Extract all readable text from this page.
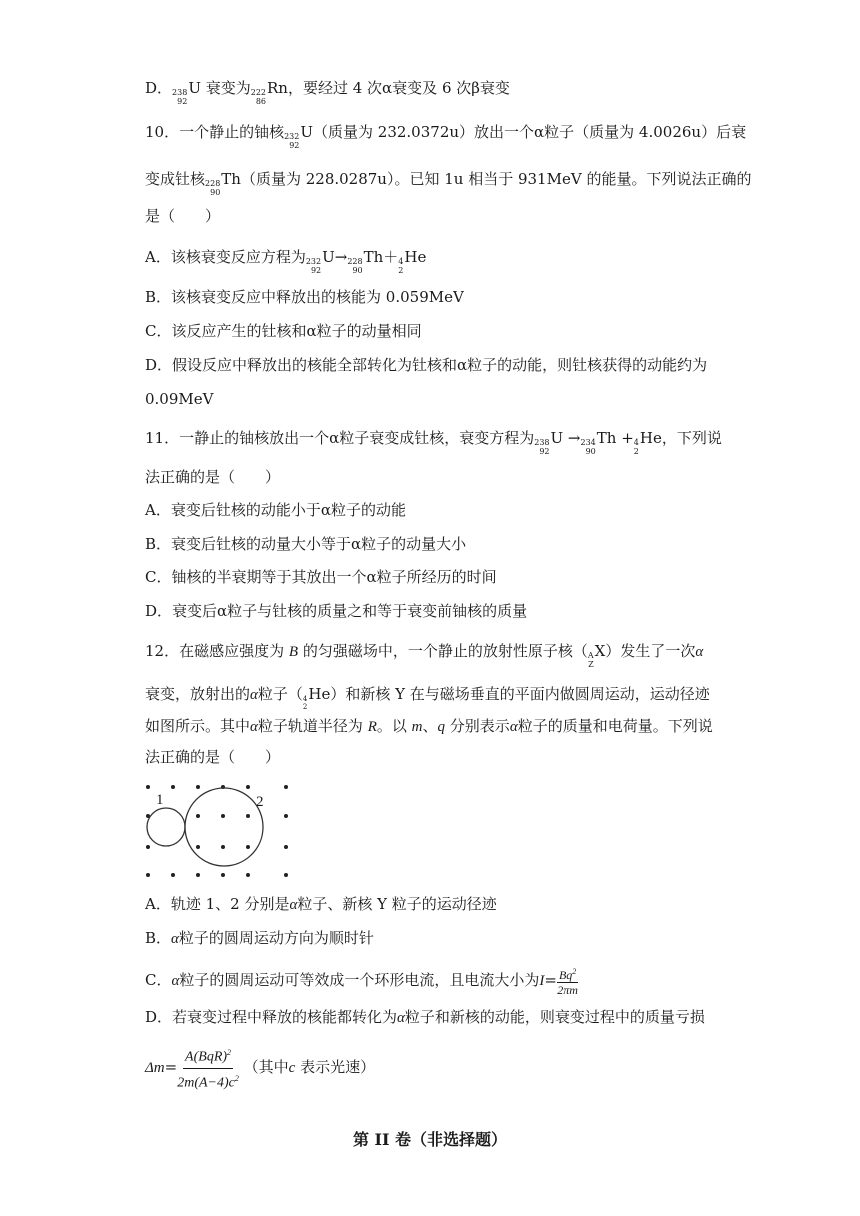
D． 238
92
U 衰变为 222
86
Rn，要经过 4 次α衰变及 6 次β衰变
10．一个静止的铀核 232
92
U（质量为 232.0372u）放出一个α粒子（质量为 4.0026u）后衰
变成钍核 228
90
Th（质量为 228.0287u）。已知 1u 相当于 931MeV 的能量。下列说法正确的
是（　　）
A．该核衰变反应方程为 232
92
U→ 228
90
Th＋ 4
2
He
B．该核衰变反应中释放出的核能为 0.059MeV
C．该反应产生的钍核和α粒子的动量相同
D．假设反应中释放出的核能全部转化为钍核和α粒子的动能，则钍核获得的动能约为
0.09MeV
11．一静止的铀核放出一个α粒子衰变成钍核，衰变方程为 238
92
U → 234
90
Th + 4
2
He，下列说
法正确的是（　　）
A．衰变后钍核的动能小于α粒子的动能
B．衰变后钍核的动量大小等于α粒子的动量大小
C．铀核的半衰期等于其放出一个α粒子所经历的时间
D．衰变后α粒子与钍核的质量之和等于衰变前铀核的质量
12．在磁感应强度为 B 的匀强磁场中，一个静止的放射性原子核（ A
Z
X）发生了一次α
衰变，放射出的α粒子（ 4
2
He）和新核 Y 在与磁场垂直的平面内做圆周运动，运动径迹
如图所示。其中α粒子轨道半径为 R。以 m、q 分别表示α粒子的质量和电荷量。下列说
法正确的是（　　）
1	2
A．轨迹 1、2 分别是α粒子、新核 Y 粒子的运动径迹
B．α粒子的圆周运动方向为顺时针
C．α粒子的圆周运动可等效成一个环形电流，且电流大小为$I= \frac{Bq^2}{2\pi m}$
D．若衰变过程中释放的核能都转化为α粒子和新核的动能，则衰变过程中的质量亏损
$\Delta m= \frac{A(BqR)^2}{2m(A-4)c^2}$ （其中c 表示光速）
第 II 卷（非选择题）
